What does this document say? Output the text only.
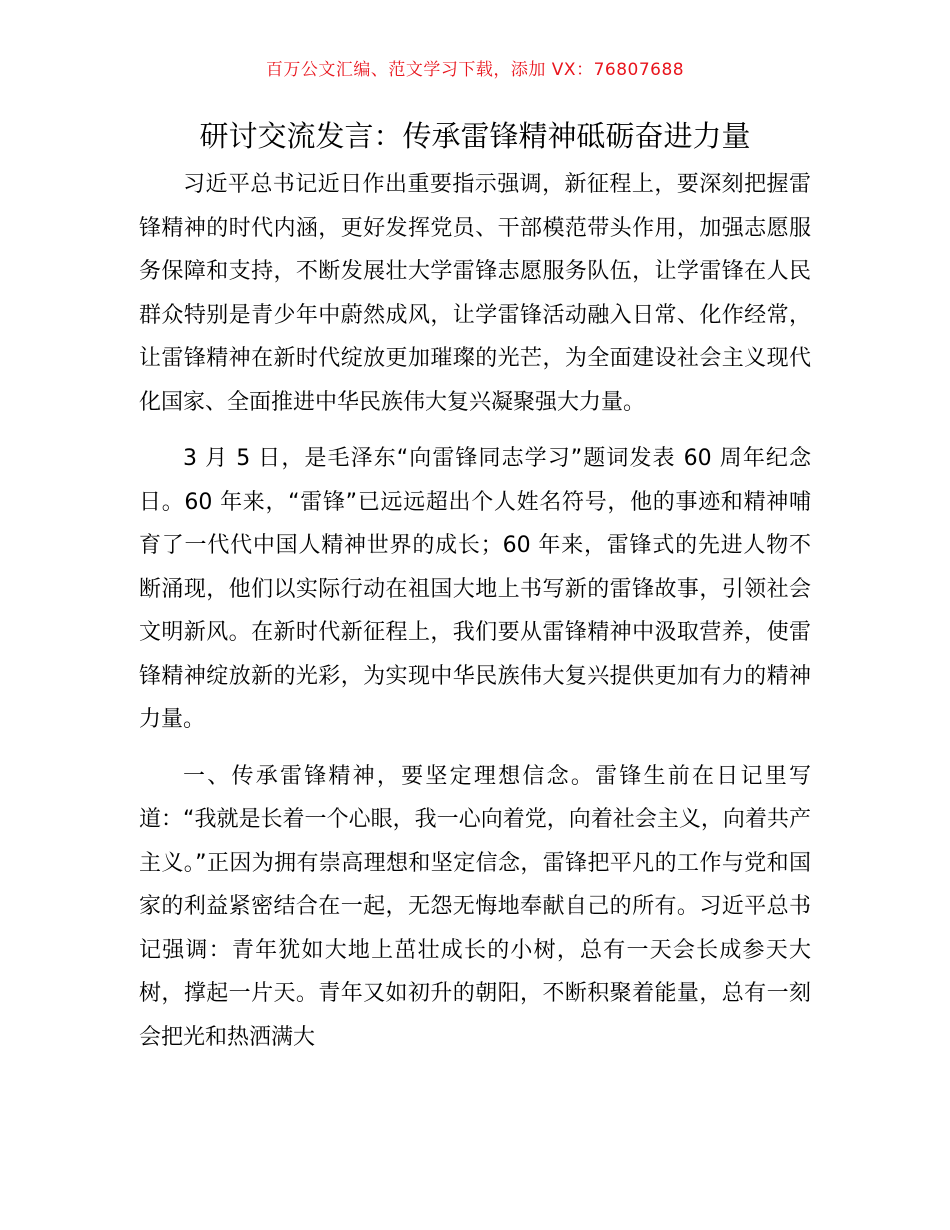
百万公文汇编、范文学习下载，添加 VX：76807688
研讨交流发言：传承雷锋精神砥砺奋进力量

习近平总书记近日作出重要指示强调，新征程上，要深刻把握雷锋精神的时代内涵，更好发挥党员、干部模范带头作用，加强志愿服务保障和支持，不断发展壮大学雷锋志愿服务队伍，让学雷锋在人民群众特别是青少年中蔚然成风，让学雷锋活动融入日常、化作经常，让雷锋精神在新时代绽放更加璀璨的光芒，为全面建设社会主义现代化国家、全面推进中华民族伟大复兴凝聚强大力量。

3 月 5 日，是毛泽东“向雷锋同志学习”题词发表 60 周年纪念日。60 年来，“雷锋”已远远超出个人姓名符号，他的事迹和精神哺育了一代代中国人精神世界的成长；60 年来，雷锋式的先进人物不断涌现，他们以实际行动在祖国大地上书写新的雷锋故事，引领社会文明新风。在新时代新征程上，我们要从雷锋精神中汲取营养，使雷锋精神绽放新的光彩，为实现中华民族伟大复兴提供更加有力的精神力量。

一、传承雷锋精神，要坚定理想信念。雷锋生前在日记里写道：“我就是长着一个心眼，我一心向着党，向着社会主义，向着共产主义。”正因为拥有崇高理想和坚定信念，雷锋把平凡的工作与党和国家的利益紧密结合在一起，无怨无悔地奉献自己的所有。习近平总书记强调：青年犹如大地上茁壮成长的小树，总有一天会长成参天大树，撑起一片天。青年又如初升的朝阳，不断积聚着能量，总有一刻会把光和热洒满大
